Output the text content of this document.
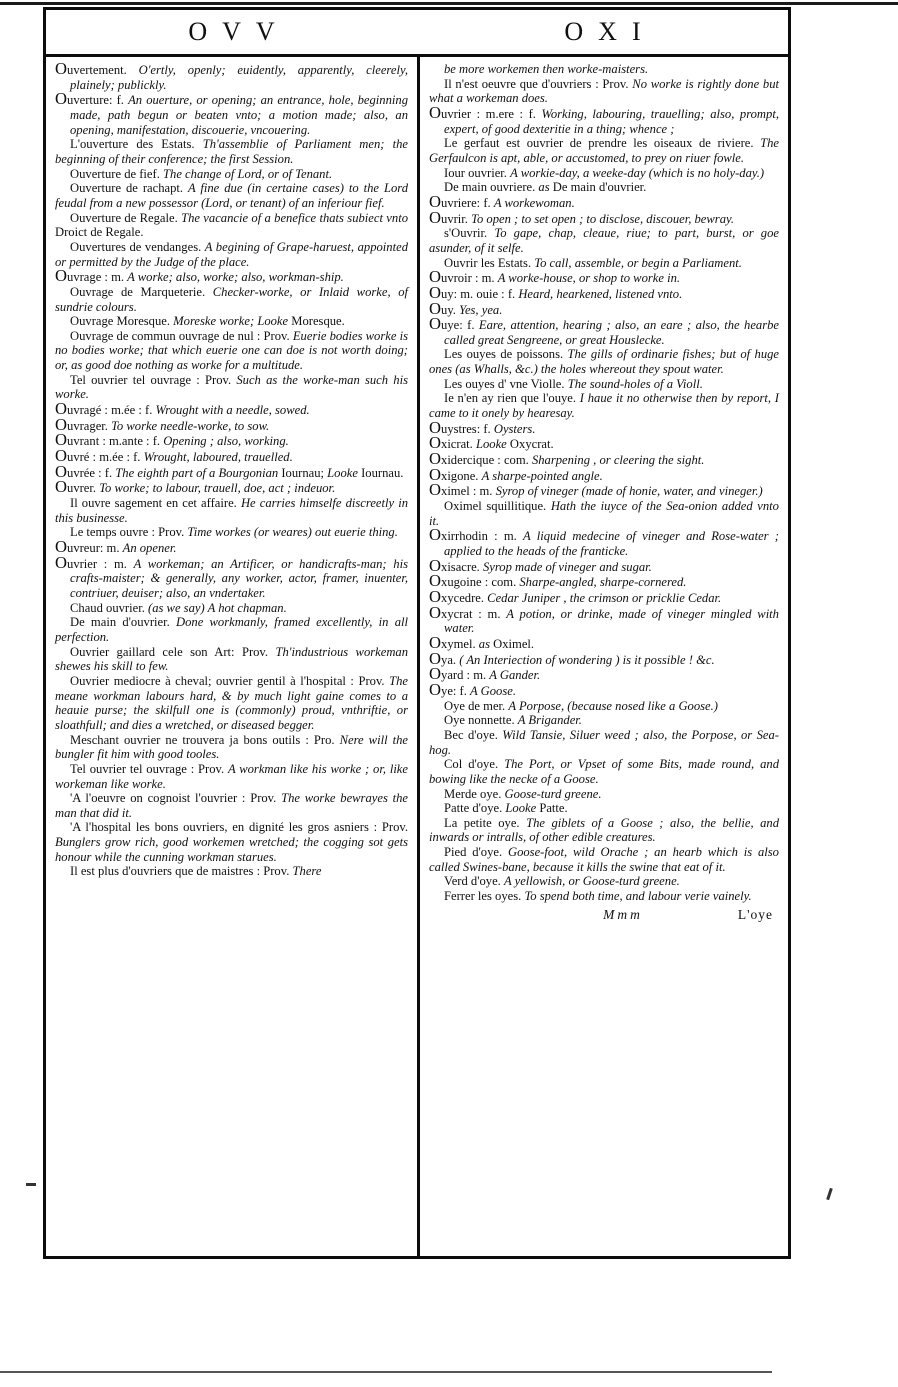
OVV	OXI

Ouvertement. O'ertly, openly; euidently, apparently, cleerely, plainely; publickly.

Ouverture: f. An ouerture, or opening; an entrance, hole, beginning made, path begun or beaten vnto; a motion made; also, an opening, manifestation, discouerie, vncouering.

L'ouverture des Estats. Th'assemblie of Parliament men; the beginning of their conference; the first Session.

Ouverture de fief. The change of Lord, or of Tenant.

Ouverture de rachapt. A fine due (in certaine cases) to the Lord feudal from a new possessor (Lord, or tenant) of an inferiour fief.

Ouverture de Regale. The vacancie of a benefice thats subiect vnto Droict de Regale.

Ouvertures de vendanges. A begining of Grape-haruest, appointed or permitted by the Judge of the place.

Ouvrage : m. A worke; also, worke; also, workman-ship.

Ouvrage de Marqueterie. Checker-worke, or Inlaid worke, of sundrie colours.

Ouvrage Moresque. Moreske worke; Looke Moresque.

Ouvrage de commun ouvrage de nul : Prov. Euerie bodies worke is no bodies worke; that which euerie one can doe is not worth doing; or, as good doe nothing as worke for a multitude.

Tel ouvrier tel ouvrage : Prov. Such as the worke-man such his worke.

Ouvragé : m.ée : f. Wrought with a needle, sowed.

Ouvrager. To worke needle-worke, to sow.

Ouvrant : m.ante : f. Opening ; also, working.

Ouvré : m.ée : f. Wrought, laboured, trauelled.

Ouvrée : f. The eighth part of a Bourgonian Iournau; Looke Iournau.

Ouvrer. To worke; to labour, trauell, doe, act ; indeuor.

Il ouvre sagement en cet affaire. He carries himselfe discreetly in this businesse.

Le temps ouvre : Prov. Time workes (or weares) out euerie thing.

Ouvreur: m. An opener.

Ouvrier : m. A workeman; an Artificer, or handicrafts-man; his crafts-maister; & generally, any worker, actor, framer, inuenter, contriuer, deuiser; also, an vndertaker.

Chaud ouvrier. (as we say) A hot chapman.

De main d'ouvrier. Done workmanly, framed excellently, in all perfection.

Ouvrier gaillard cele son Art: Prov. Th'industrious workeman shewes his skill to few.

Ouvrier mediocre à cheval; ouvrier gentil à l'hospital : Prov. The meane workman labours hard, & by much light gaine comes to a heauie purse; the skilfull one is (commonly) proud, vnthriftie, or sloathfull; and dies a wretched, or diseased begger.

Meschant ouvrier ne trouvera ja bons outils : Pro. Nere will the bungler fit him with good tooles.

Tel ouvrier tel ouvrage : Prov. A workman like his worke ; or, like workeman like worke.

'A l'oeuvre on cognoist l'ouvrier : Prov. The worke bewrayes the man that did it.

'A l'hospital les bons ouvriers, en dignité les gros asniers : Prov. Bunglers grow rich, good workemen wretched; the cogging sot gets honour while the cunning workman starues.

Il est plus d'ouvriers que de maistres : Prov. There

be more workemen then worke-maisters.

Il n'est oeuvre que d'ouvriers : Prov. No worke is rightly done but what a workeman does.

Ouvrier : m.ere : f. Working, labouring, trauelling; also, prompt, expert, of good dexteritie in a thing; whence ;

Le gerfaut est ouvrier de prendre les oiseaux de riviere. The Gerfaulcon is apt, able, or accustomed, to prey on riuer fowle.

Iour ouvrier. A workie-day, a weeke-day (which is no holy-day.)

De main ouvriere. as De main d'ouvrier.

Ouvriere: f. A workewoman.

Ouvrir. To open ; to set open ; to disclose, discouer, bewray.

s'Ouvrir. To gape, chap, cleaue, riue; to part, burst, or goe asunder, of it selfe.

Ouvrir les Estats. To call, assemble, or begin a Parliament.

Ouvroir : m. A worke-house, or shop to worke in.

Ouy: m. ouie : f. Heard, hearkened, listened vnto.

Ouy. Yes, yea.

Ouye: f. Eare, attention, hearing ; also, an eare ; also, the hearbe called great Sengreene, or great Houslecke.

Les ouyes de poissons. The gills of ordinarie fishes; but of huge ones (as Whalls, &c.) the holes whereout they spout water.

Les ouyes d' vne Violle. The sound-holes of a Violl.

Ie n'en ay rien que l'ouye. I haue it no otherwise then by report, I came to it onely by hearesay.

Ouystres: f. Oysters.

Oxicrat. Looke Oxycrat.

Oxidercique : com. Sharpening , or cleering the sight.

Oxigone. A sharpe-pointed angle.

Oximel : m. Syrop of vineger (made of honie, water, and vineger.)

Oximel squillitique. Hath the iuyce of the Sea-onion added vnto it.

Oxirrhodin : m. A liquid medecine of vineger and Rose-water ; applied to the heads of the franticke.

Oxisacre. Syrop made of vineger and sugar.

Oxugoine : com. Sharpe-angled, sharpe-cornered.

Oxycedre. Cedar Juniper , the crimson or pricklie Cedar.

Oxycrat : m. A potion, or drinke, made of vineger mingled with water.

Oxymel. as Oximel.

Oya. ( An Interiection of wondering ) is it possible ! &c.

Oyard : m. A Gander.

Oye: f. A Goose.

Oye de mer. A Porpose, (because nosed like a Goose.)

Oye nonnette. A Brigander.

Bec d'oye. Wild Tansie, Siluer weed ; also, the Porpose, or Sea-hog.

Col d'oye. The Port, or Vpset of some Bits, made round, and bowing like the necke of a Goose.

Merde oye. Goose-turd greene.

Patte d'oye. Looke Patte.

La petite oye. The giblets of a Goose ; also, the bellie, and inwards or intralls, of other edible creatures.

Pied d'oye. Goose-foot, wild Orache ; an hearb which is also called Swines-bane, because it kills the swine that eat of it.

Verd d'oye. A yellowish, or Goose-turd greene.

Ferrer les oyes. To spend both time, and labour verie vainely.

Mmm	L'oye
